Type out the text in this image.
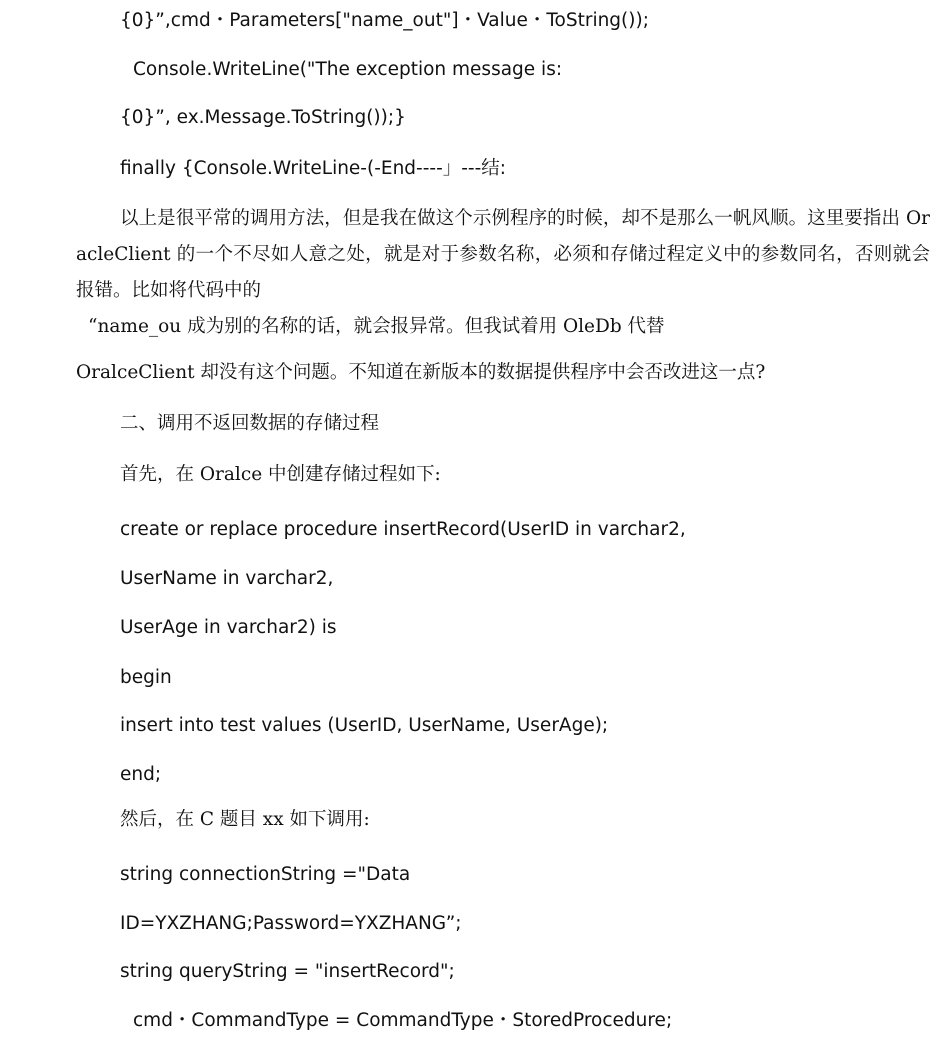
{0}”,cmd・Parameters["name_out"]・Value・ToString());
Console.WriteLine("The exception message is:
{0}”, ex.Message.ToString());}
finally {Console.WriteLine-(-End----」---结:
以上是很平常的调用方法，但是我在做这个示例程序的时候，却不是那么一帆风顺。这里要指出 OracleClient 的一个不尽如人意之处，就是对于参数名称，必须和存储过程定义中的参数同名，否则就会报错。比如将代码中的
“name_ou 成为别的名称的话，就会报异常。但我试着用 OleDb 代替
OralceClient 却没有这个问题。不知道在新版本的数据提供程序中会否改进这一点?
二、调用不返回数据的存储过程
首先，在 Oralce 中创建存储过程如下:
create or replace procedure insertRecord(UserID in varchar2,
UserName in varchar2,
UserAge in varchar2) is
begin
insert into test values (UserID, UserName, UserAge);
end;
然后，在 C 题目 xx 如下调用:
string connectionString ="Data
ID=YXZHANG;Password=YXZHANG”;
string queryString = "insertRecord";
cmd・CommandType = CommandType・StoredProcedure;
